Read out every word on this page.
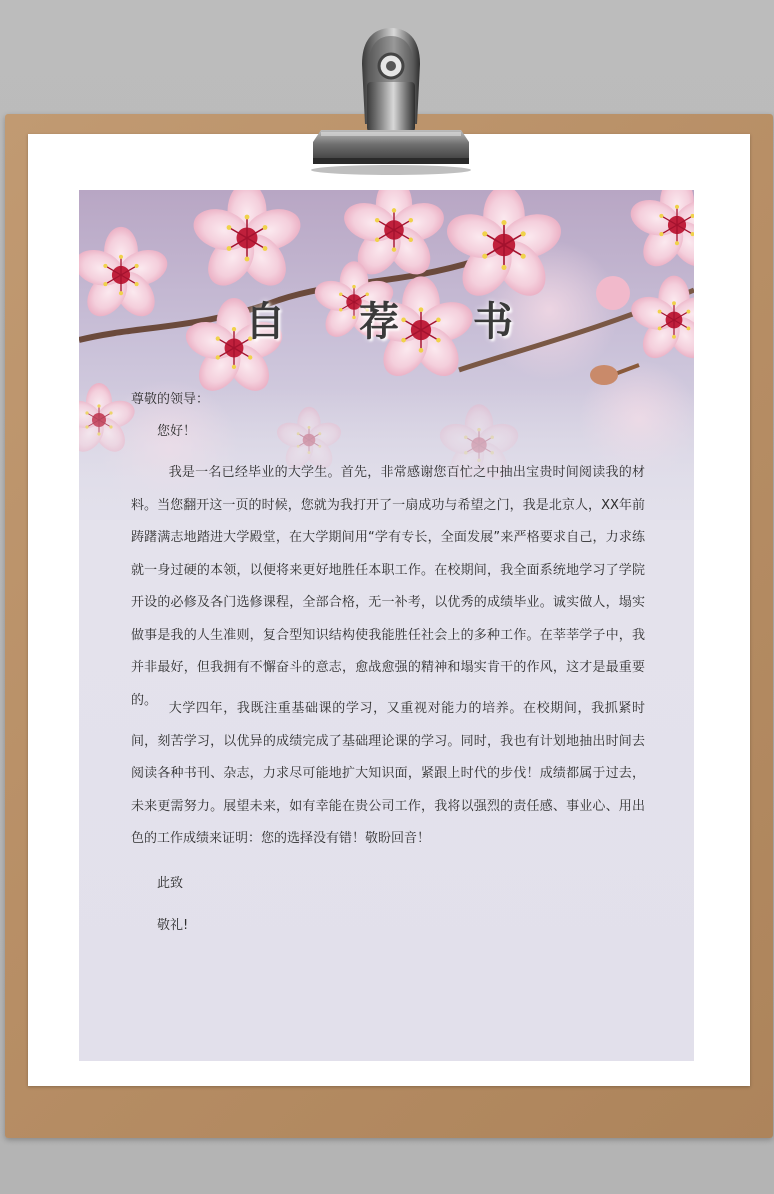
自 荐 书
尊敬的领导：
您好！
我是一名已经毕业的大学生。首先，非常感谢您百忙之中抽出宝贵时间阅读我的材料。当您翻开这一页的时候，您就为我打开了一扇成功与希望之门，我是北京人，XX年前踌躇满志地踏进大学殿堂，在大学期间用“学有专长，全面发展”来严格要求自己，力求练就一身过硬的本领，以便将来更好地胜任本职工作。在校期间，我全面系统地学习了学院开设的必修及各门选修课程，全部合格，无一补考，以优秀的成绩毕业。诚实做人，塌实做事是我的人生准则，复合型知识结构使我能胜任社会上的多种工作。在莘莘学子中，我并非最好，但我拥有不懈奋斗的意志，愈战愈强的精神和塌实肯干的作风，这才是最重要的。
大学四年，我既注重基础课的学习，又重视对能力的培养。在校期间，我抓紧时间，刻苦学习，以优异的成绩完成了基础理论课的学习。同时，我也有计划地抽出时间去阅读各种书刊、杂志，力求尽可能地扩大知识面，紧跟上时代的步伐！成绩都属于过去，未来更需努力。展望未来，如有幸能在贵公司工作，我将以强烈的责任感、事业心、用出色的工作成绩来证明：您的选择没有错！敬盼回音！
此致
敬礼!
